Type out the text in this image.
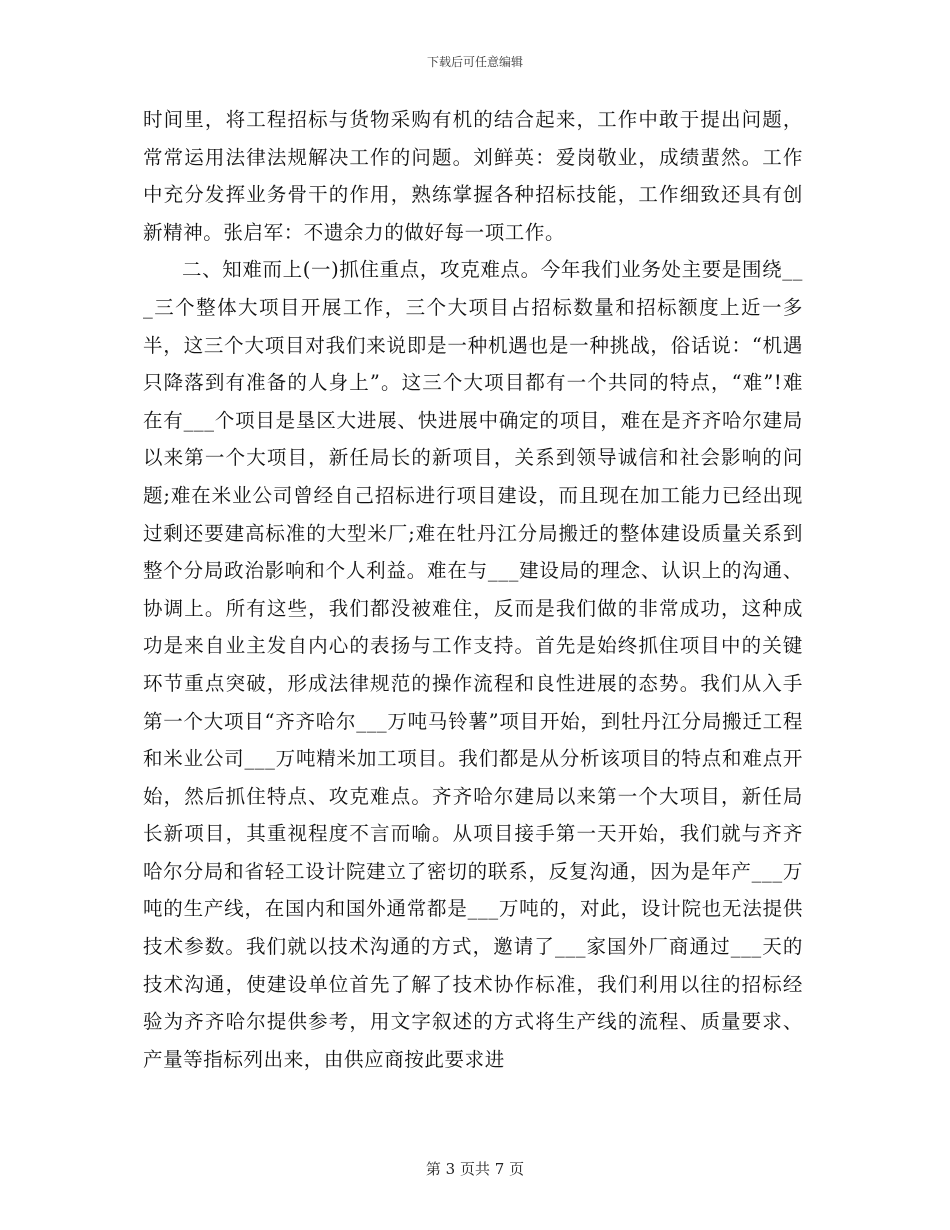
下载后可任意编辑

时间里，将工程招标与货物采购有机的结合起来，工作中敢于提出问题，常常运用法律法规解决工作的问题。刘鲜英：爱岗敬业，成绩蜚然。工作中充分发挥业务骨干的作用，熟练掌握各种招标技能，工作细致还具有创新精神。张启军：不遗余力的做好每一项工作。

二、知难而上(一)抓住重点，攻克难点。今年我们业务处主要是围绕___三个整体大项目开展工作，三个大项目占招标数量和招标额度上近一多半，这三个大项目对我们来说即是一种机遇也是一种挑战，俗话说：“机遇只降落到有准备的人身上”。这三个大项目都有一个共同的特点，“难”!难在有___个项目是垦区大进展、快进展中确定的项目，难在是齐齐哈尔建局以来第一个大项目，新任局长的新项目，关系到领导诚信和社会影响的问题;难在米业公司曾经自己招标进行项目建设，而且现在加工能力已经出现过剩还要建高标准的大型米厂;难在牡丹江分局搬迁的整体建设质量关系到整个分局政治影响和个人利益。难在与___建设局的理念、认识上的沟通、协调上。所有这些，我们都没被难住，反而是我们做的非常成功，这种成功是来自业主发自内心的表扬与工作支持。首先是始终抓住项目中的关键环节重点突破，形成法律规范的操作流程和良性进展的态势。我们从入手第一个大项目“齐齐哈尔___万吨马铃薯”项目开始，到牡丹江分局搬迁工程和米业公司___万吨精米加工项目。我们都是从分析该项目的特点和难点开始，然后抓住特点、攻克难点。齐齐哈尔建局以来第一个大项目，新任局长新项目，其重视程度不言而喻。从项目接手第一天开始，我们就与齐齐哈尔分局和省轻工设计院建立了密切的联系，反复沟通，因为是年产___万吨的生产线，在国内和国外通常都是___万吨的，对此，设计院也无法提供技术参数。我们就以技术沟通的方式，邀请了___家国外厂商通过___天的技术沟通，使建设单位首先了解了技术协作标准，我们利用以往的招标经验为齐齐哈尔提供参考，用文字叙述的方式将生产线的流程、质量要求、产量等指标列出来，由供应商按此要求进

第 3 页共 7 页
